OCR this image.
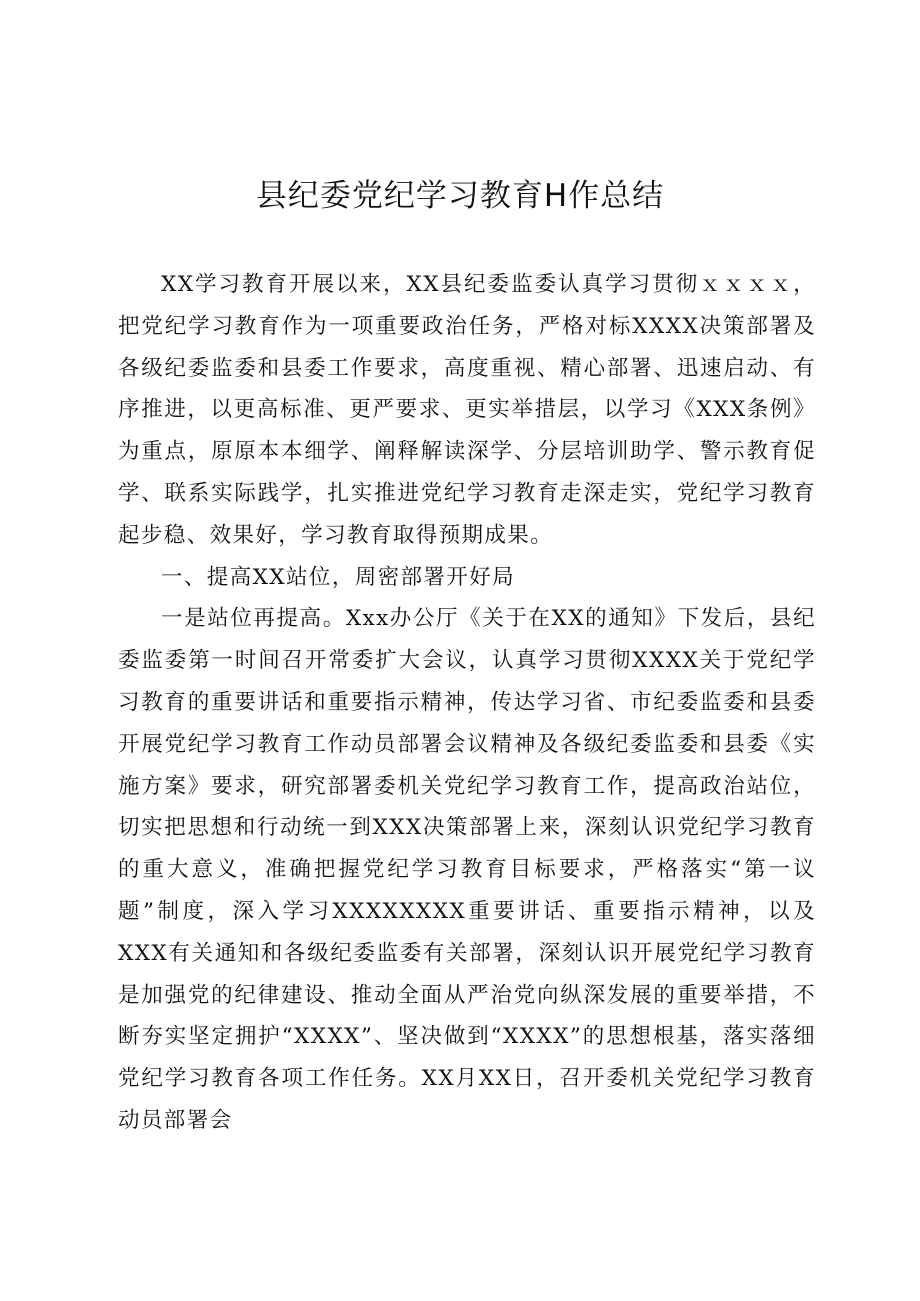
县纪委党纪学习教育H作总结

XX学习教育开展以来，XX县纪委监委认真学习贯彻ｘｘｘｘ，把党纪学习教育作为一项重要政治任务，严格对标XXXX决策部署及各级纪委监委和县委工作要求，高度重视、精心部署、迅速启动、有序推进，以更高标准、更严要求、更实举措层，以学习《XXX条例》为重点，原原本本细学、阐释解读深学、分层培训助学、警示教育促学、联系实际践学，扎实推进党纪学习教育走深走实，党纪学习教育起步稳、效果好，学习教育取得预期成果。

一、提高XX站位，周密部署开好局

一是站位再提高。Xxx办公厅《关于在XX的通知》下发后，县纪委监委第一时间召开常委扩大会议，认真学习贯彻XXXX关于党纪学习教育的重要讲话和重要指示精神，传达学习省、市纪委监委和县委开展党纪学习教育工作动员部署会议精神及各级纪委监委和县委《实施方案》要求，研究部署委机关党纪学习教育工作，提高政治站位，切实把思想和行动统一到XXX决策部署上来，深刻认识党纪学习教育的重大意义，准确把握党纪学习教育目标要求，严格落实“第一议题”制度，深入学习XXXXXXXX重要讲话、重要指示精神，以及XXX有关通知和各级纪委监委有关部署，深刻认识开展党纪学习教育是加强党的纪律建设、推动全面从严治党向纵深发展的重要举措，不断夯实坚定拥护“XXXX”、坚决做到“XXXX”的思想根基，落实落细党纪学习教育各项工作任务。XX月XX日，召开委机关党纪学习教育动员部署会
